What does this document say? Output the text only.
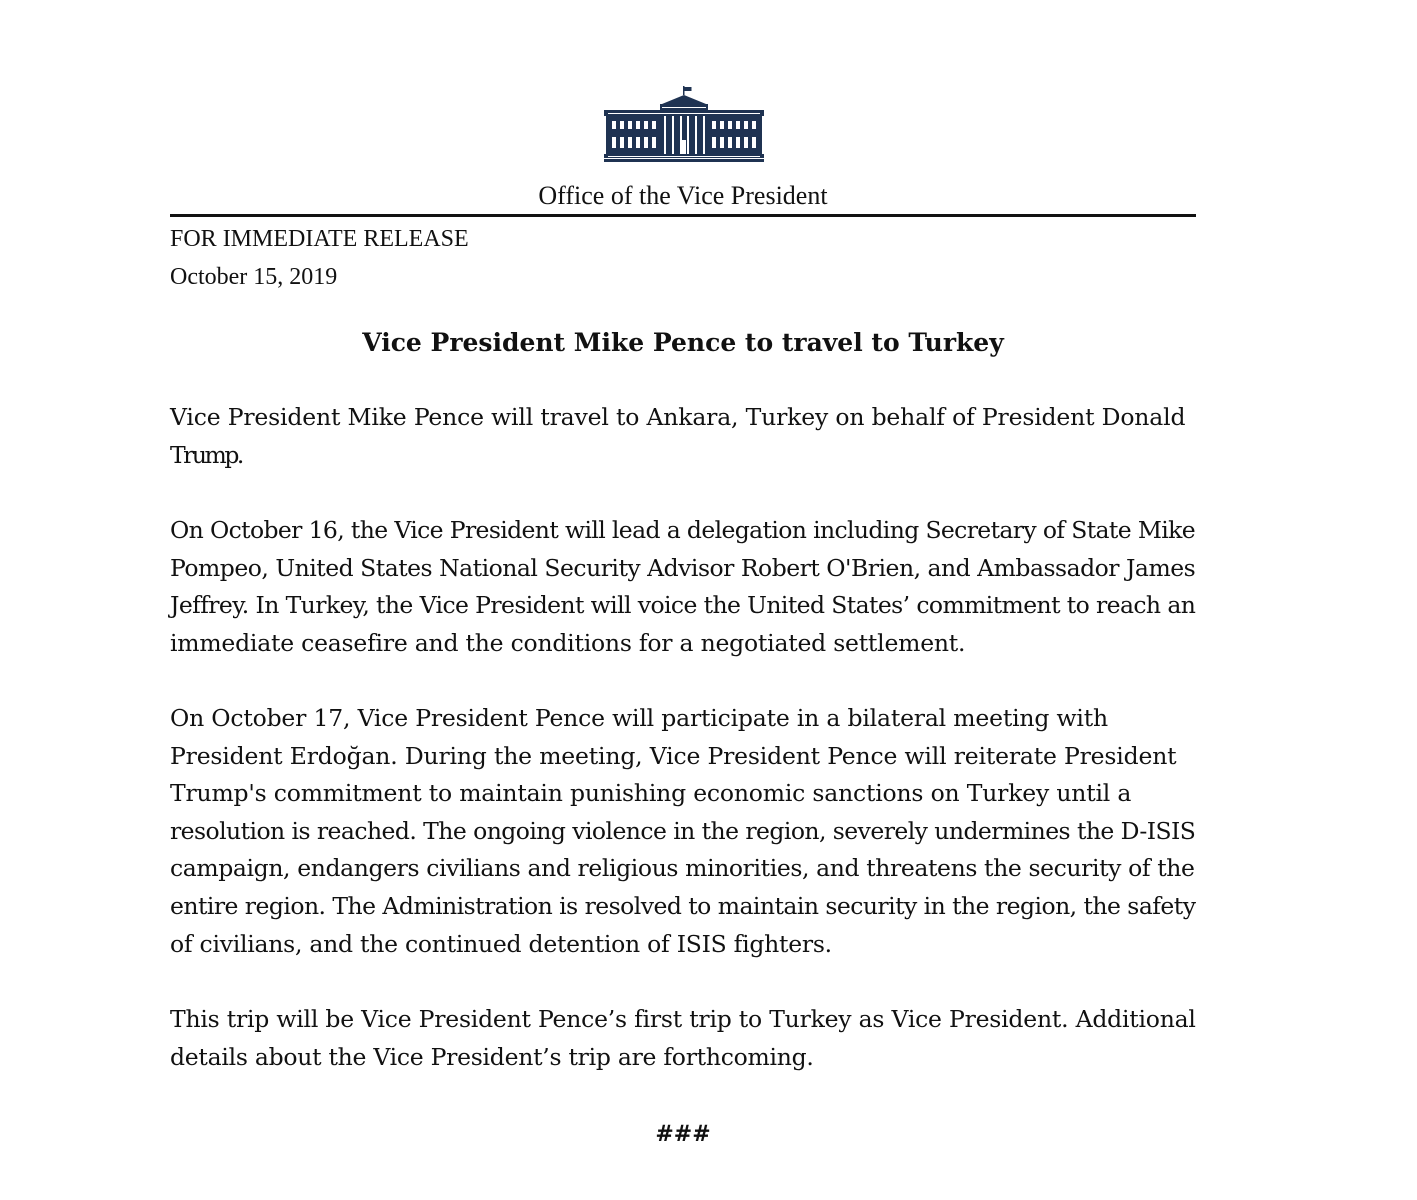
Office of the Vice President
FOR IMMEDIATE RELEASE
October 15, 2019
Vice President Mike Pence to travel to Turkey

Vice President Mike Pence will travel to Ankara, Turkey on behalf of President Donald
Trump.

On October 16, the Vice President will lead a delegation including Secretary of State Mike
Pompeo, United States National Security Advisor Robert O'Brien, and Ambassador James
Jeffrey. In Turkey, the Vice President will voice the United States’ commitment to reach an
immediate ceasefire and the conditions for a negotiated settlement.

On October 17, Vice President Pence will participate in a bilateral meeting with
President Erdoğan. During the meeting, Vice President Pence will reiterate President
Trump's commitment to maintain punishing economic sanctions on Turkey until a
resolution is reached. The ongoing violence in the region, severely undermines the D-ISIS
campaign, endangers civilians and religious minorities, and threatens the security of the
entire region. The Administration is resolved to maintain security in the region, the safety
of civilians, and the continued detention of ISIS fighters.

This trip will be Vice President Pence’s first trip to Turkey as Vice President. Additional
details about the Vice President’s trip are forthcoming.

###
